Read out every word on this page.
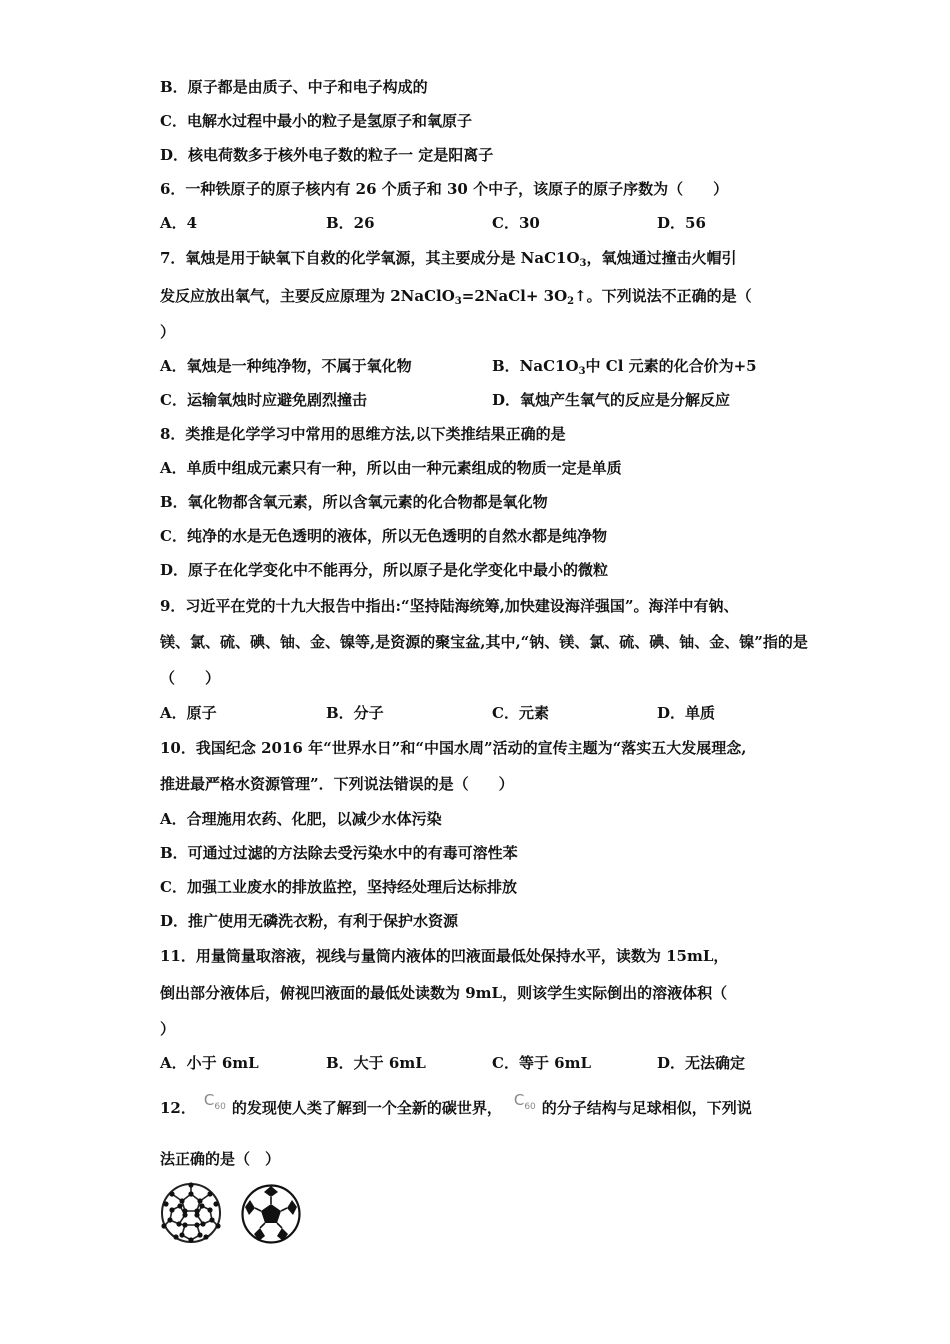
B．原子都是由质子、中子和电子构成的
C．电解水过程中最小的粒子是氢原子和氧原子
D．核电荷数多于核外电子数的粒子一 定是阳离子
6．一种铁原子的原子核内有 26 个质子和 30 个中子，该原子的原子序数为（　　）
A．4	B．26	C．30	D．56
7．氧烛是用于缺氧下自救的化学氧源，其主要成分是 $NaC1O_3$，氧烛通过撞击火帽引
发反应放出氧气，主要反应原理为 2NaClO$_3$=2NaCl+ $3O_2↑$。下列说法不正确的是（
）
A．氧烛是一种纯净物，不属于氧化物	B．$NaC1O_3$中 Cl 元素的化合价为+5
C．运输氧烛时应避免剧烈撞击	D．氧烛产生氧气的反应是分解反应
8．类推是化学学习中常用的思维方法,以下类推结果正确的是
A．单质中组成元素只有一种，所以由一种元素组成的物质一定是单质
B．氧化物都含氧元素，所以含氧元素的化合物都是氧化物
C．纯净的水是无色透明的液体，所以无色透明的自然水都是纯净物
D．原子在化学变化中不能再分，所以原子是化学变化中最小的微粒
9．习近平在党的十九大报告中指出:“坚持陆海统筹,加快建设海洋强国”。海洋中有钠、
镁、氯、硫、碘、铀、金、镍等,是资源的聚宝盆,其中,“钠、镁、氯、硫、碘、铀、金、镍”指的是
（　　）
A．原子	B．分子	C．元素	D．单质
10．我国纪念 2016 年“世界水日”和“中国水周”活动的宣传主题为“落实五大发展理念,
推进最严格水资源管理”．下列说法错误的是（　　）
A．合理施用农药、化肥，以减少水体污染
B．可通过过滤的方法除去受污染水中的有毒可溶性苯
C．加强工业废水的排放监控，坚持经处理后达标排放
D．推广使用无磷洗衣粉，有利于保护水资源
11．用量筒量取溶液，视线与量筒内液体的凹液面最低处保持水平，读数为 15mL，
倒出部分液体后，俯视凹液面的最低处读数为 9mL，则该学生实际倒出的溶液体积（
）
A．小于 6mL	B．大于 6mL	C．等于 6mL	D．无法确定
12． $C_{60}$ 的发现使人类了解到一个全新的碳世界， $C_{60}$ 的分子结构与足球相似，下列说
法正确的是（　）
